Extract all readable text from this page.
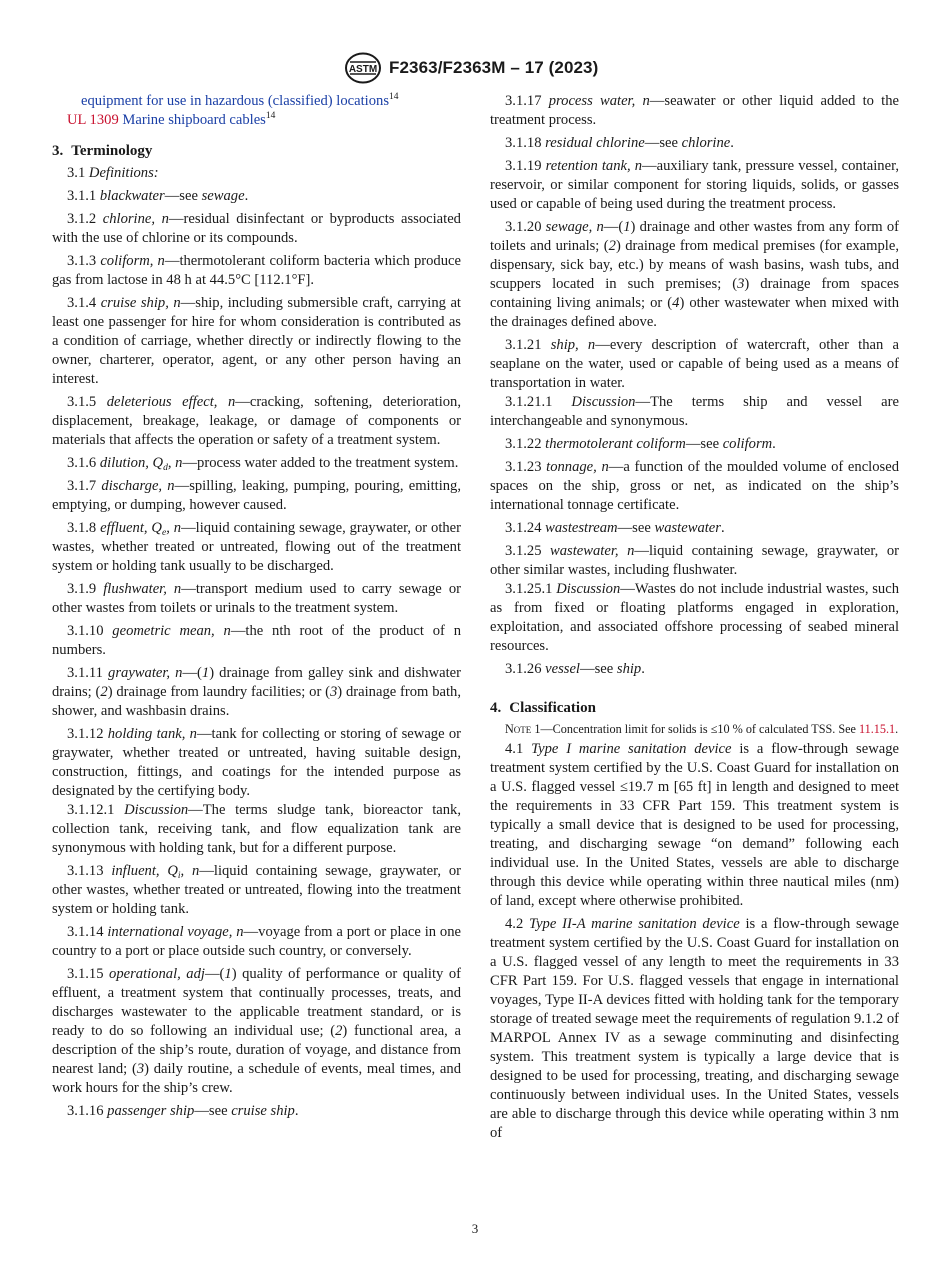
ASTM F2363/F2363M – 17 (2023)

equipment for use in hazardous (classified) locations$^{14}$

UL 1309 Marine shipboard cables$^{14}$

3. Terminology

3.1 Definitions:

3.1.1 blackwater—see sewage.

3.1.2 chlorine, n—residual disinfectant or byproducts associated with the use of chlorine or its compounds.

3.1.3 coliform, n—thermotolerant coliform bacteria which produce gas from lactose in 48 h at 44.5°C [112.1°F].

3.1.4 cruise ship, n—ship, including submersible craft, carrying at least one passenger for hire for whom consideration is contributed as a condition of carriage, whether directly or indirectly flowing to the owner, charterer, operator, agent, or any other person having an interest.

3.1.5 deleterious effect, n—cracking, softening, deterioration, displacement, breakage, leakage, or damage of components or materials that affects the operation or safety of a treatment system.

3.1.6 dilution, $Q_d$, n—process water added to the treatment system.

3.1.7 discharge, n—spilling, leaking, pumping, pouring, emitting, emptying, or dumping, however caused.

3.1.8 effluent, $Q_e$, n—liquid containing sewage, graywater, or other wastes, whether treated or untreated, flowing out of the treatment system or holding tank usually to be discharged.

3.1.9 flushwater, n—transport medium used to carry sewage or other wastes from toilets or urinals to the treatment system.

3.1.10 geometric mean, n—the nth root of the product of n numbers.

3.1.11 graywater, n—(1) drainage from galley sink and dishwater drains; (2) drainage from laundry facilities; or (3) drainage from bath, shower, and washbasin drains.

3.1.12 holding tank, n—tank for collecting or storing of sewage or graywater, whether treated or untreated, having suitable design, construction, fittings, and coatings for the intended purpose as designated by the certifying body.

3.1.12.1 Discussion—The terms sludge tank, bioreactor tank, collection tank, receiving tank, and flow equalization tank are synonymous with holding tank, but for a different purpose.

3.1.13 influent, $Q_i$, n—liquid containing sewage, graywater, or other wastes, whether treated or untreated, flowing into the treatment system or holding tank.

3.1.14 international voyage, n—voyage from a port or place in one country to a port or place outside such country, or conversely.

3.1.15 operational, adj—(1) quality of performance or quality of effluent, a treatment system that continually processes, treats, and discharges wastewater to the applicable treatment standard, or is ready to do so following an individual use; (2) functional area, a description of the ship’s route, duration of voyage, and distance from nearest land; (3) daily routine, a schedule of events, meal times, and work hours for the ship’s crew.

3.1.16 passenger ship—see cruise ship.

3.1.17 process water, n—seawater or other liquid added to the treatment process.

3.1.18 residual chlorine—see chlorine.

3.1.19 retention tank, n—auxiliary tank, pressure vessel, container, reservoir, or similar component for storing liquids, solids, or gasses used or capable of being used during the treatment process.

3.1.20 sewage, n—(1) drainage and other wastes from any form of toilets and urinals; (2) drainage from medical premises (for example, dispensary, sick bay, etc.) by means of wash basins, wash tubs, and scuppers located in such premises; (3) drainage from spaces containing living animals; or (4) other wastewater when mixed with the drainages defined above.

3.1.21 ship, n—every description of watercraft, other than a seaplane on the water, used or capable of being used as a means of transportation in water.

3.1.21.1 Discussion—The terms ship and vessel are interchangeable and synonymous.

3.1.22 thermotolerant coliform—see coliform.

3.1.23 tonnage, n—a function of the moulded volume of enclosed spaces on the ship, gross or net, as indicated on the ship’s international tonnage certificate.

3.1.24 wastestream—see wastewater.

3.1.25 wastewater, n—liquid containing sewage, graywater, or other similar wastes, including flushwater.

3.1.25.1 Discussion—Wastes do not include industrial wastes, such as from fixed or floating platforms engaged in exploration, exploitation, and associated offshore processing of seabed mineral resources.

3.1.26 vessel—see ship.

4. Classification

Note 1—Concentration limit for solids is ≤10 % of calculated TSS. See 11.15.1.

4.1 Type I marine sanitation device is a flow-through sewage treatment system certified by the U.S. Coast Guard for installation on a U.S. flagged vessel ≤19.7 m [65 ft] in length and designed to meet the requirements in 33 CFR Part 159. This treatment system is typically a small device that is designed to be used for processing, treating, and discharging sewage “on demand” following each individual use. In the United States, vessels are able to discharge through this device while operating within three nautical miles (nm) of land, except where otherwise prohibited.

4.2 Type II-A marine sanitation device is a flow-through sewage treatment system certified by the U.S. Coast Guard for installation on a U.S. flagged vessel of any length to meet the requirements in 33 CFR Part 159. For U.S. flagged vessels that engage in international voyages, Type II-A devices fitted with holding tank for the temporary storage of treated sewage meet the requirements of regulation 9.1.2 of MARPOL Annex IV as a sewage comminuting and disinfecting system. This treatment system is typically a large device that is designed to be used for processing, treating, and discharging sewage continuously between individual uses. In the United States, vessels are able to discharge through this device while operating within 3 nm of

3
